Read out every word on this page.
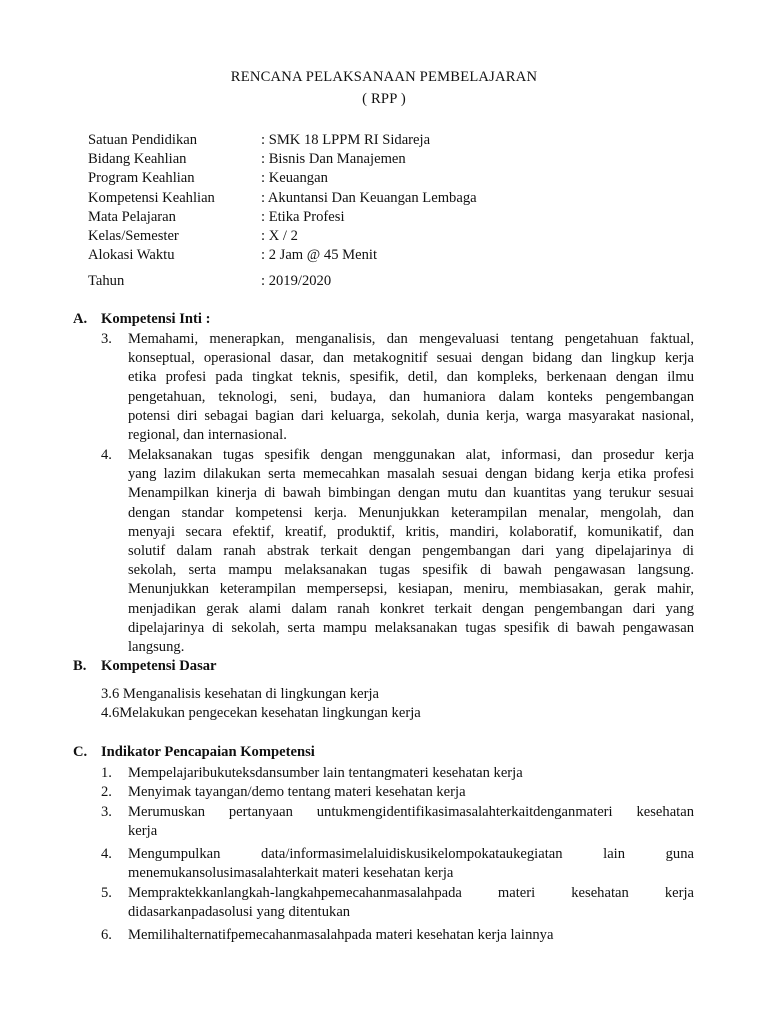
RENCANA PELAKSANAAN PEMBELAJARAN
( RPP )
Satuan Pendidikan	: SMK 18 LPPM RI Sidareja
Bidang Keahlian	: Bisnis Dan Manajemen
Program Keahlian	: Keuangan
Kompetensi Keahlian	: Akuntansi Dan Keuangan Lembaga
Mata Pelajaran	: Etika Profesi
Kelas/Semester	: X / 2
Alokasi Waktu	: 2 Jam @ 45 Menit
Tahun	: 2019/2020
A. Kompetensi Inti :
3. Memahami, menerapkan, menganalisis, dan mengevaluasi tentang pengetahuan faktual,
konseptual, operasional dasar, dan metakognitif sesuai dengan bidang dan lingkup kerja
etika profesi pada tingkat teknis, spesifik, detil, dan kompleks, berkenaan dengan ilmu
pengetahuan, teknologi, seni, budaya, dan humaniora dalam konteks pengembangan
potensi diri sebagai bagian dari keluarga, sekolah, dunia kerja, warga masyarakat nasional,
regional, dan internasional.
4. Melaksanakan tugas spesifik dengan menggunakan alat, informasi, dan prosedur kerja
yang lazim dilakukan serta memecahkan masalah sesuai dengan bidang kerja etika profesi
Menampilkan kinerja di bawah bimbingan dengan mutu dan kuantitas yang terukur sesuai
dengan standar kompetensi kerja. Menunjukkan keterampilan menalar, mengolah, dan
menyaji secara efektif, kreatif, produktif, kritis, mandiri, kolaboratif, komunikatif, dan
solutif dalam ranah abstrak terkait dengan pengembangan dari yang dipelajarinya di
sekolah, serta mampu melaksanakan tugas spesifik di bawah pengawasan langsung.
Menunjukkan keterampilan mempersepsi, kesiapan, meniru, membiasakan, gerak mahir,
menjadikan gerak alami dalam ranah konkret terkait dengan pengembangan dari yang
dipelajarinya di sekolah, serta mampu melaksanakan tugas spesifik di bawah pengawasan
langsung.
B. Kompetensi Dasar
3.6 Menganalisis kesehatan di lingkungan kerja
4.6Melakukan pengecekan kesehatan lingkungan kerja
C. Indikator Pencapaian Kompetensi
1. Mempelajaribukuteksdansumber lain tentangmateri kesehatan kerja
2. Menyimak tayangan/demo tentang materi kesehatan kerja
3. Merumuskan    pertanyaan    untukmengidentifikasimasalahterkaitdenganmateri    kesehatan
kerja
4. Mengumpulkan data/informasimelaluidiskusikelompokataukegiatan lain guna
menemukansolusimasalahterkait materi kesehatan kerja
5. Mempraktekkanlangkah-langkahpemecahanmasalahpada materi kesehatan kerja
didasarkanpadasolusi yang ditentukan
6. Memilihalternatifpemecahanmasalahpada materi kesehatan kerja lainnya
